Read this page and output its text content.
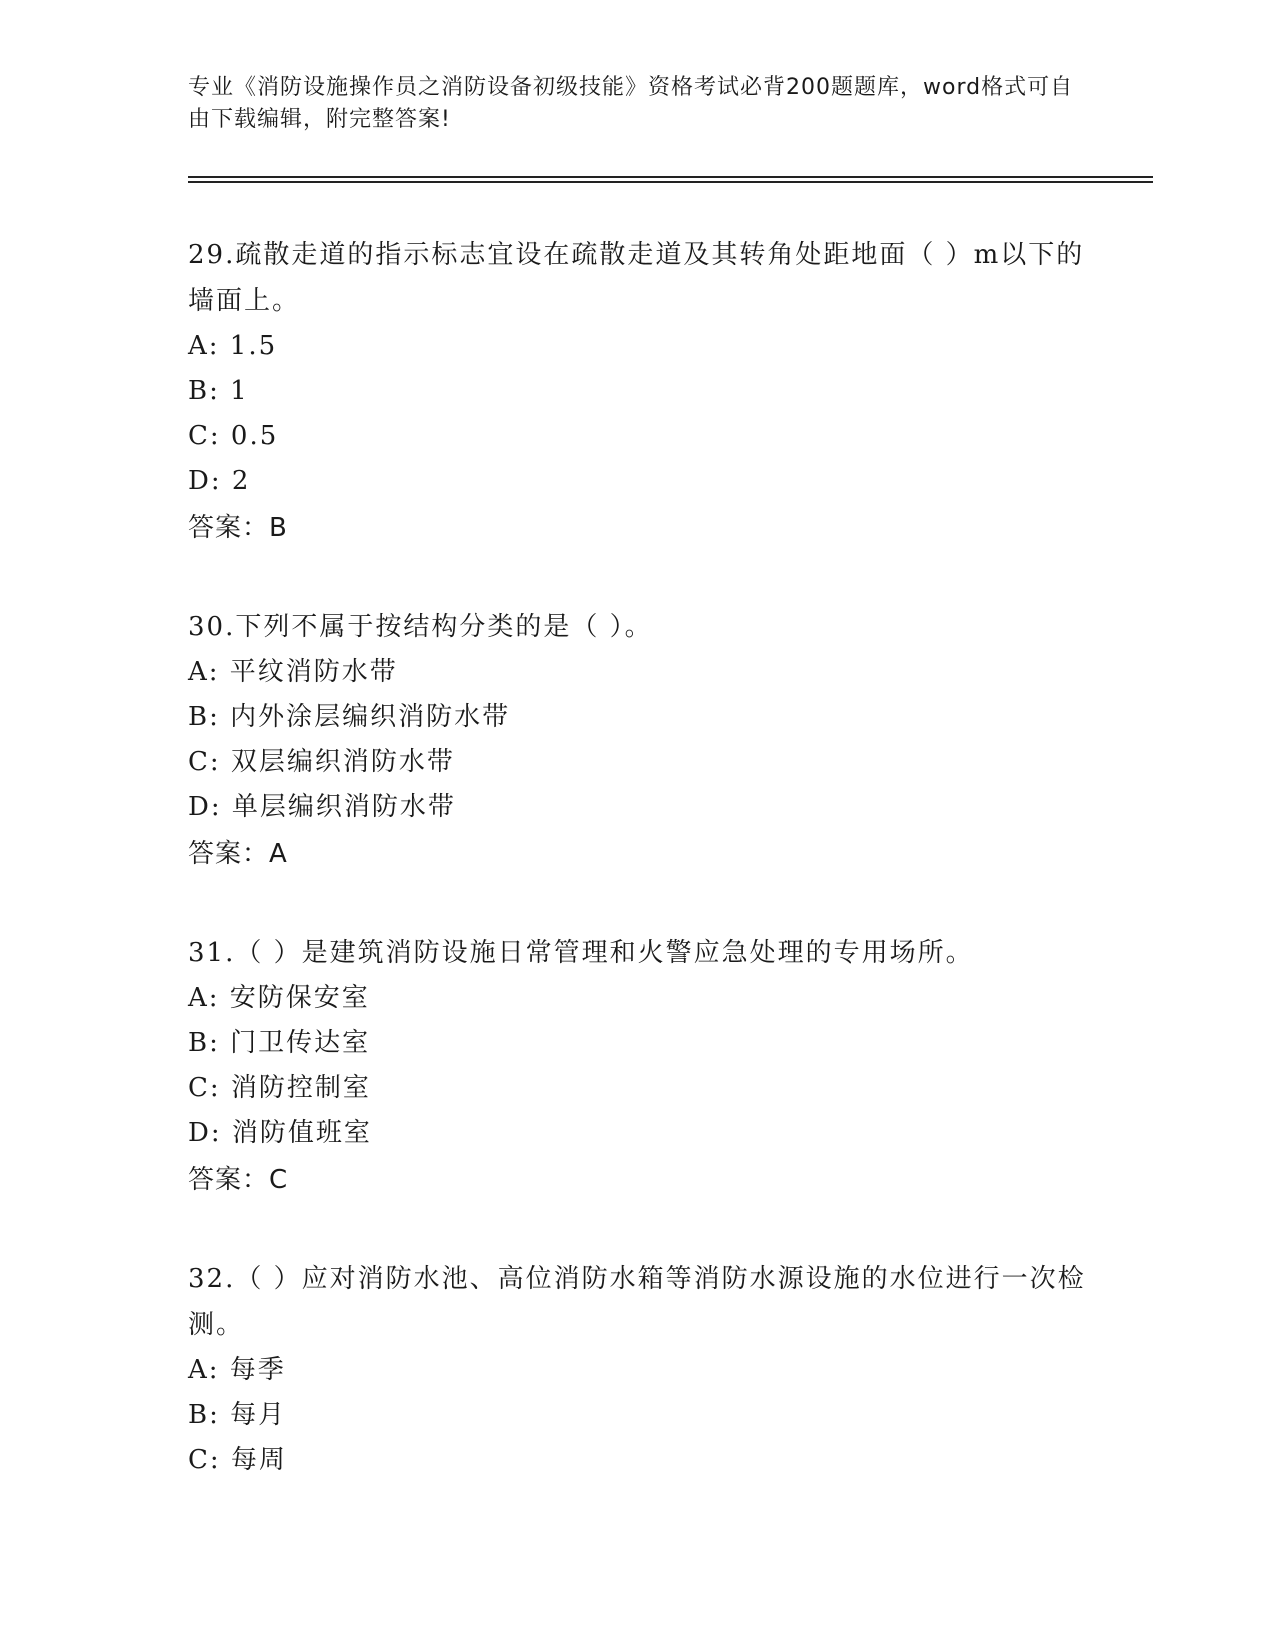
专业《消防设施操作员之消防设备初级技能》资格考试必背200题题库，word格式可自由下载编辑，附完整答案!
29.疏散走道的指示标志宜设在疏散走道及其转角处距地面（ ）m以下的墙面上。
A: 1.5
B: 1
C: 0.5
D: 2
答案：B
30.下列不属于按结构分类的是（ ）。
A: 平纹消防水带
B: 内外涂层编织消防水带
C: 双层编织消防水带
D: 单层编织消防水带
答案：A
31.（ ）是建筑消防设施日常管理和火警应急处理的专用场所。
A: 安防保安室
B: 门卫传达室
C: 消防控制室
D: 消防值班室
答案：C
32.（ ）应对消防水池、高位消防水箱等消防水源设施的水位进行一次检测。
A: 每季
B: 每月
C: 每周
